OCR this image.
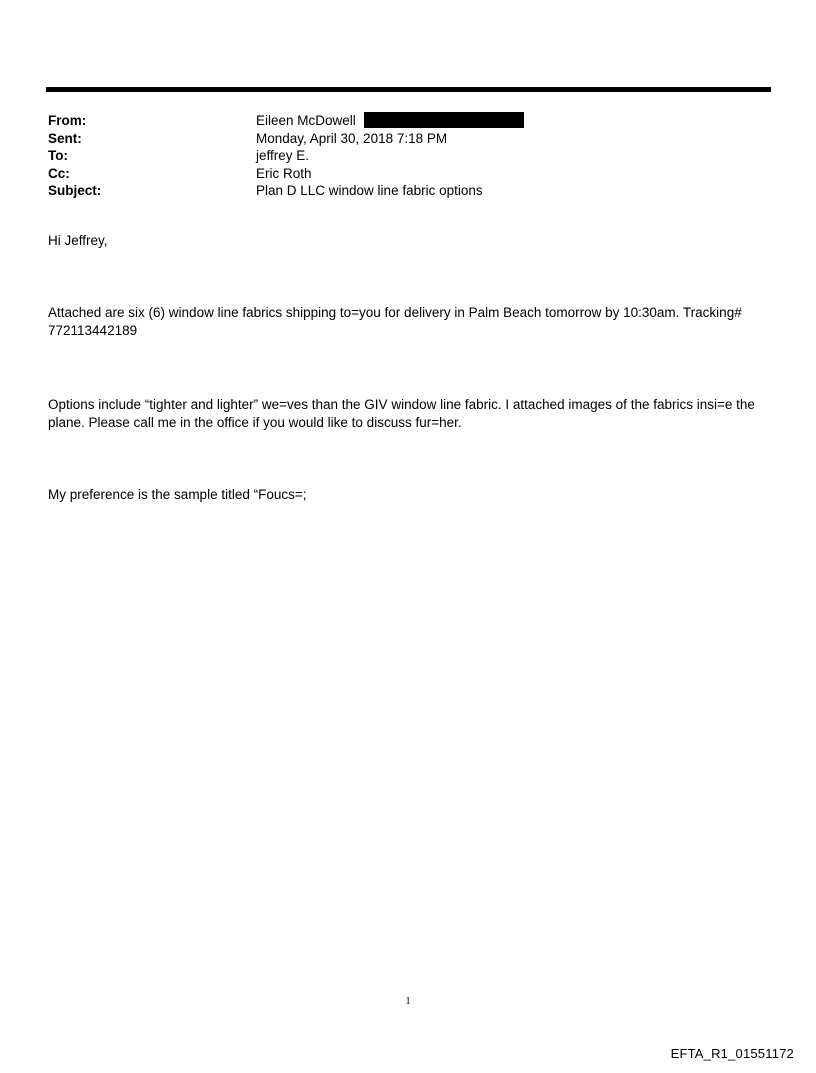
From:	Eileen McDowell
Sent:	Monday, April 30, 2018 7:18 PM
To:	jeffrey E.
Cc:	Eric Roth
Subject:	Plan D LLC window line fabric options
Hi Jeffrey,
Attached are six (6) window line fabrics shipping to=you for delivery in Palm Beach tomorrow by 10:30am. Tracking# 772113442189
Options include “tighter and lighter” we=ves than the GIV window line fabric. I attached images of the fabrics insi=e the plane. Please call me in the office if you would like to discuss fur=her.
My preference is the sample titled “Foucs=;
1
EFTA_R1_01551172
